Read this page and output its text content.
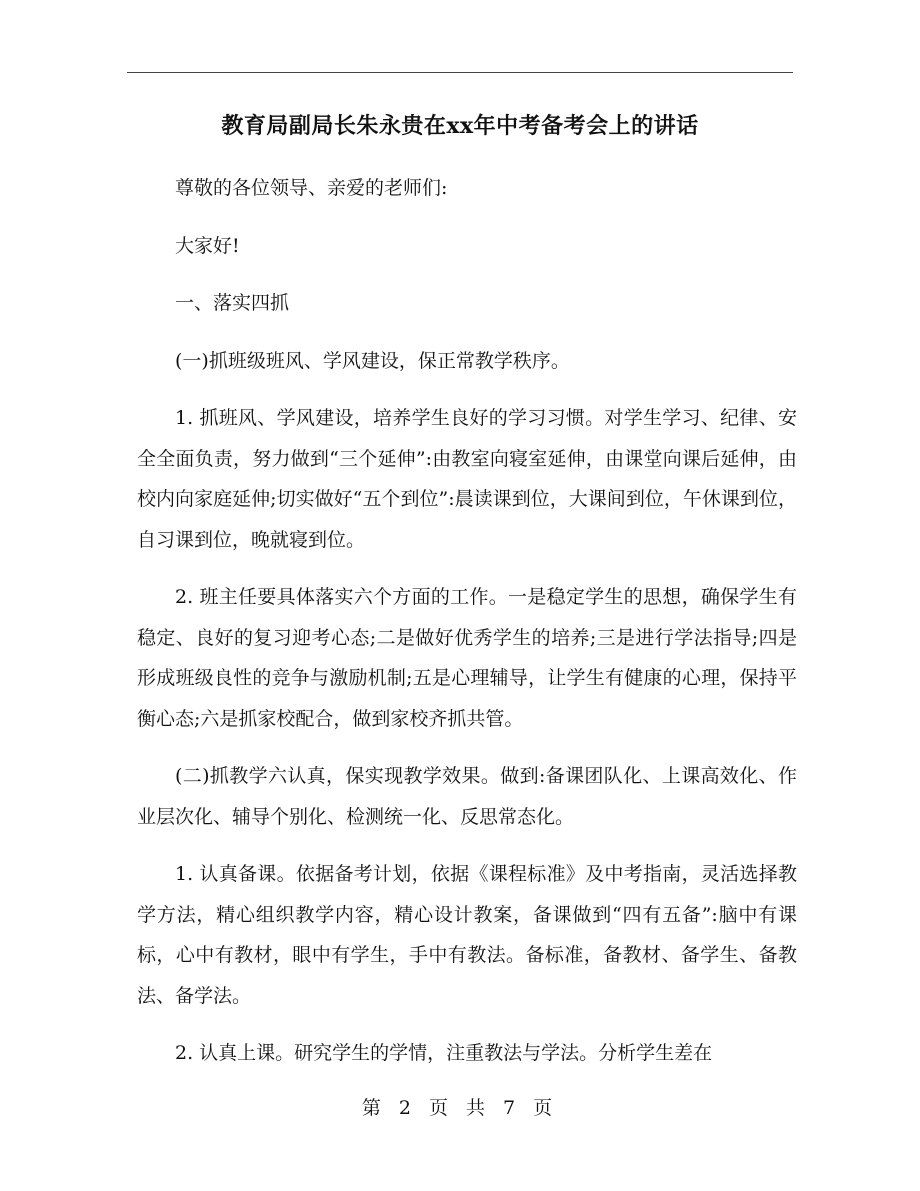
教育局副局长朱永贵在xx年中考备考会上的讲话

尊敬的各位领导、亲爱的老师们:

大家好!

一、落实四抓

(一)抓班级班风、学风建设，保正常教学秩序。

1. 抓班风、学风建设，培养学生良好的学习习惯。对学生学习、纪律、安全全面负责，努力做到“三个延伸”:由教室向寝室延伸，由课堂向课后延伸，由校内向家庭延伸;切实做好“五个到位”:晨读课到位，大课间到位，午休课到位，自习课到位，晚就寝到位。

2. 班主任要具体落实六个方面的工作。一是稳定学生的思想，确保学生有稳定、良好的复习迎考心态;二是做好优秀学生的培养;三是进行学法指导;四是形成班级良性的竞争与激励机制;五是心理辅导，让学生有健康的心理，保持平衡心态;六是抓家校配合，做到家校齐抓共管。

(二)抓教学六认真，保实现教学效果。做到:备课团队化、上课高效化、作业层次化、辅导个别化、检测统一化、反思常态化。

1. 认真备课。依据备考计划，依据《课程标准》及中考指南，灵活选择教学方法，精心组织教学内容，精心设计教案，备课做到“四有五备”:脑中有课标，心中有教材，眼中有学生，手中有教法。备标准，备教材、备学生、备教法、备学法。

2. 认真上课。研究学生的学情，注重教法与学法。分析学生差在

第 2 页 共 7 页
